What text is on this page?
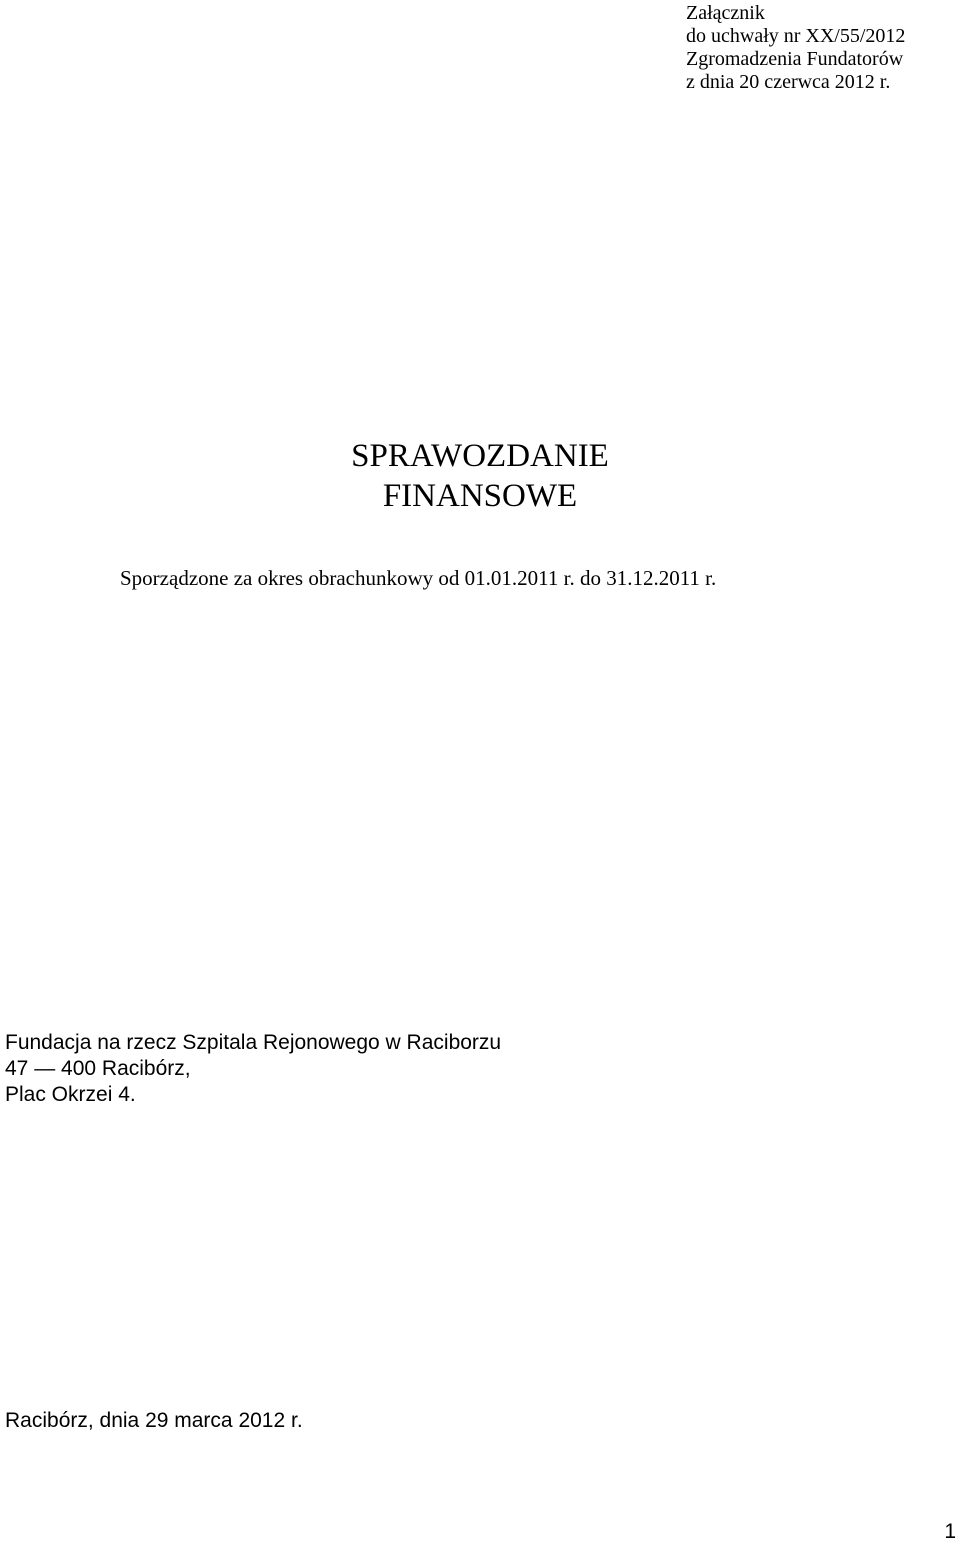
Załącznik
do uchwały nr XX/55/2012
Zgromadzenia Fundatorów
z dnia 20 czerwca 2012 r.
SPRAWOZDANIE
FINANSOWE
Sporządzone za okres obrachunkowy od 01.01.2011 r. do 31.12.2011 r.
Fundacja na rzecz Szpitala Rejonowego w Raciborzu
47 — 400 Racibórz,
Plac Okrzei 4.
Racibórz, dnia 29 marca 2012 r.
1
